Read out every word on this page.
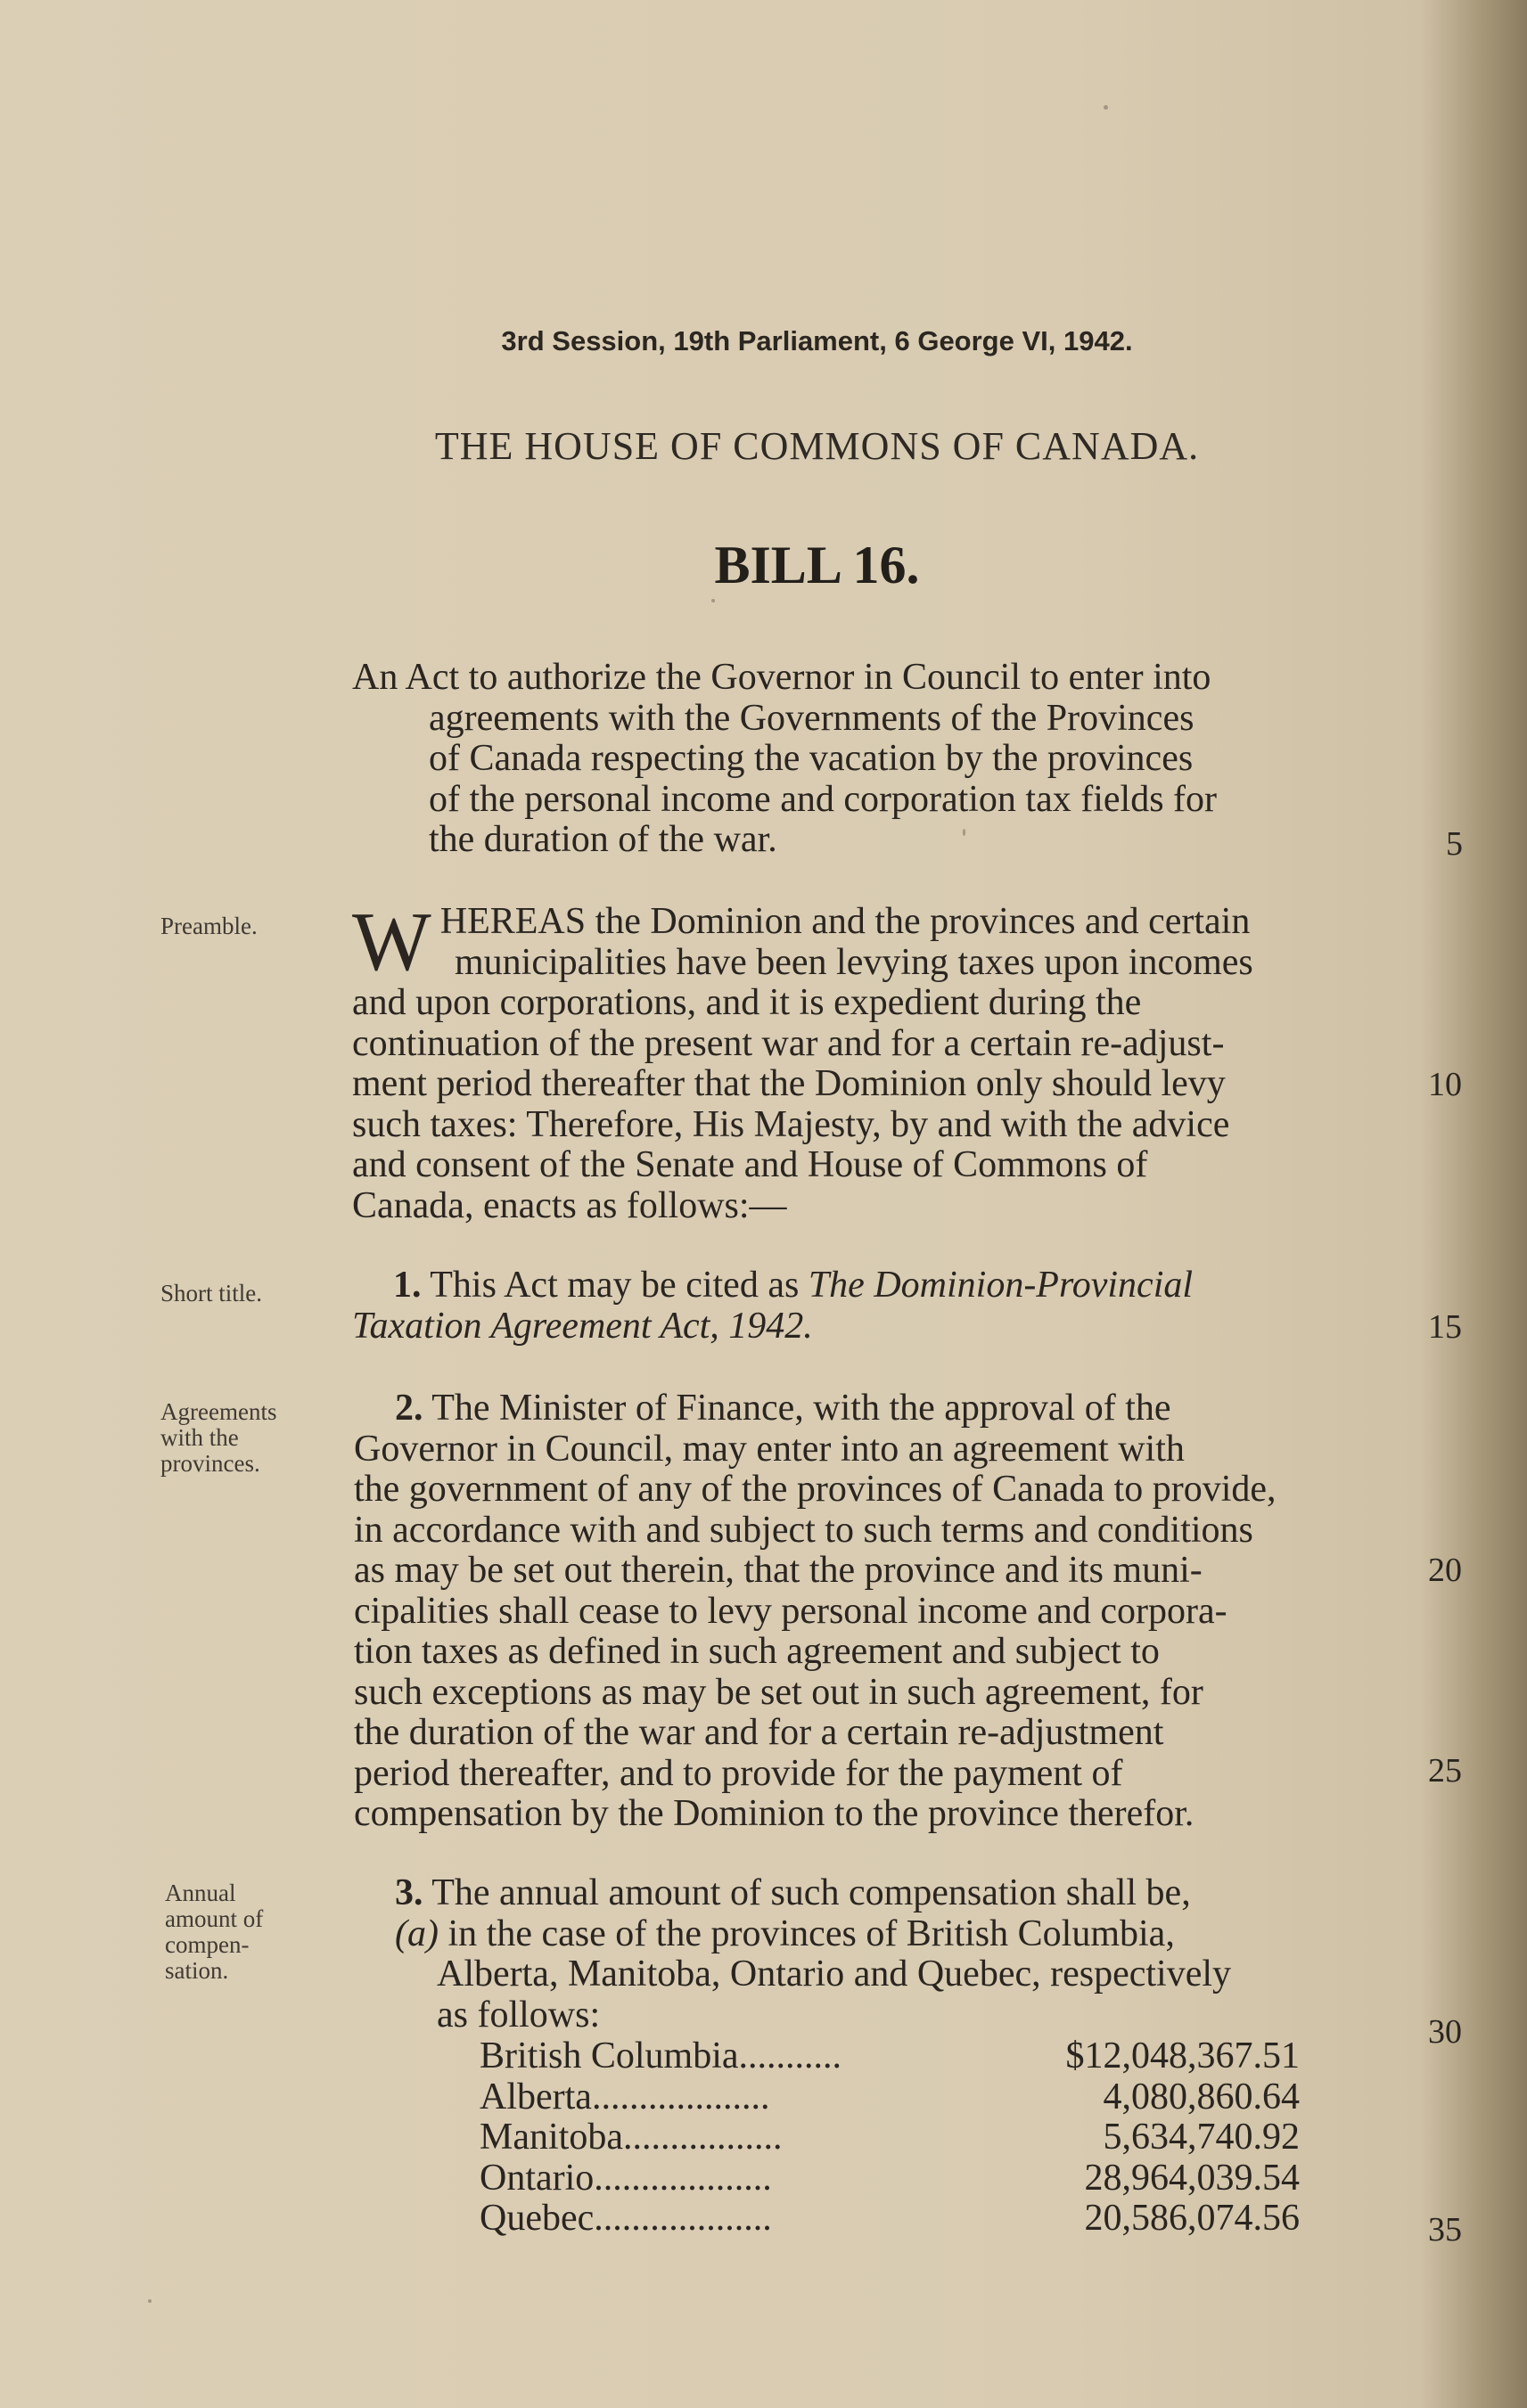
3rd Session, 19th Parliament, 6 George VI, 1942.
THE HOUSE OF COMMONS OF CANADA.
BILL 16.
An Act to authorize the Governor in Council to enter into
agreements with the Governments of the Provinces
of Canada respecting the vacation by the provinces
of the personal income and corporation tax fields for
the duration of the war.	5
Preamble. W HEREAS the Dominion and the provinces and certain
municipalities have been levying taxes upon incomes
and upon corporations, and it is expedient during the
continuation of the present war and for a certain re-adjust-
ment period thereafter that the Dominion only should levy
such taxes: Therefore, His Majesty, by and with the advice
and consent of the Senate and House of Commons of
Canada, enacts as follows:—
10
Short title.	1. This Act may be cited as The Dominion-Provincial
Taxation Agreement Act, 1942.	15
Agreements
with the
provinces.
2. The Minister of Finance, with the approval of the
Governor in Council, may enter into an agreement with
the government of any of the provinces of Canada to provide,
in accordance with and subject to such terms and conditions
as may be set out therein, that the province and its muni-
cipalities shall cease to levy personal income and corpora-
tion taxes as defined in such agreement and subject to
such exceptions as may be set out in such agreement, for
the duration of the war and for a certain re-adjustment
period thereafter, and to provide for the payment of
compensation by the Dominion to the province therefor.
20
25
Annual
amount of
compen-
sation.
3. The annual amount of such compensation shall be,
(a) in the case of the provinces of British Columbia,
Alberta, Manitoba, Ontario and Quebec, respectively
as follows:	30
British Columbia...........	$12,048,367.51
Alberta...................	4,080,860.64
Manitoba.................	5,634,740.92
Ontario...................	28,964,039.54
Quebec...................	20,586,074.56	35
